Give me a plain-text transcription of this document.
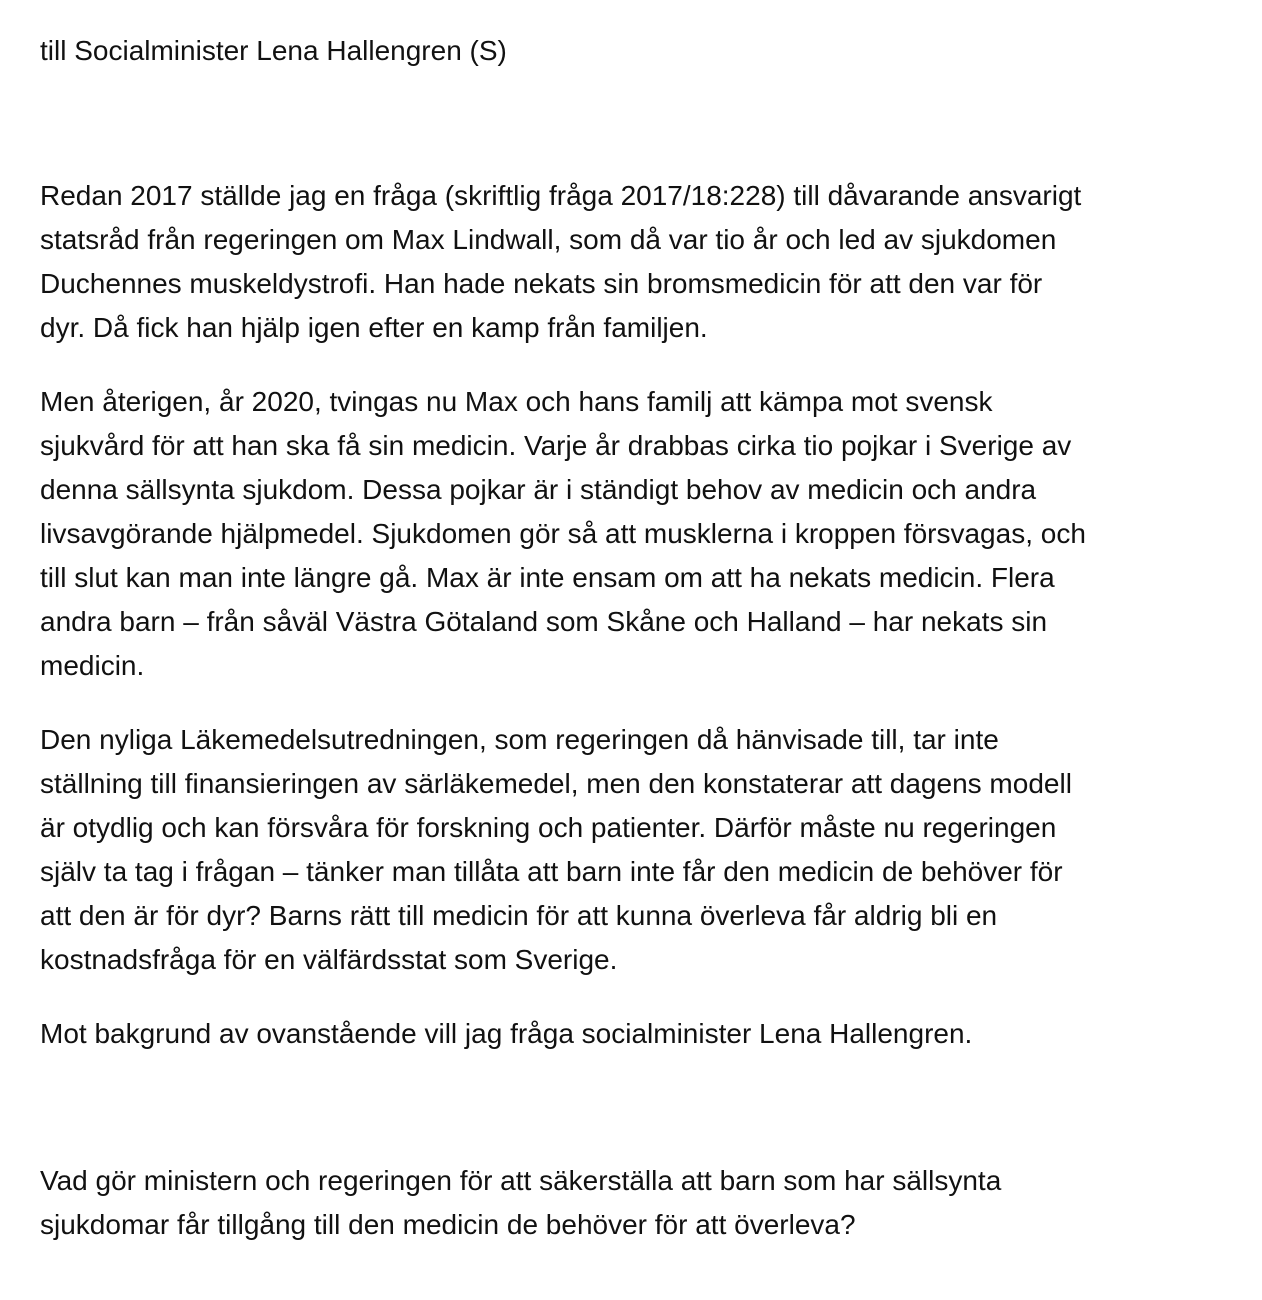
till Socialminister Lena Hallengren (S)

Redan 2017 ställde jag en fråga (skriftlig fråga 2017/18:228) till dåvarande ansvarigt
statsråd från regeringen om Max Lindwall, som då var tio år och led av sjukdomen
Duchennes muskeldystrofi. Han hade nekats sin bromsmedicin för att den var för
dyr. Då fick han hjälp igen efter en kamp från familjen.

Men återigen, år 2020, tvingas nu Max och hans familj att kämpa mot svensk
sjukvård för att han ska få sin medicin. Varje år drabbas cirka tio pojkar i Sverige av
denna sällsynta sjukdom. Dessa pojkar är i ständigt behov av medicin och andra
livsavgörande hjälpmedel. Sjukdomen gör så att musklerna i kroppen försvagas, och
till slut kan man inte längre gå. Max är inte ensam om att ha nekats medicin. Flera
andra barn – från såväl Västra Götaland som Skåne och Halland – har nekats sin
medicin.

Den nyliga Läkemedelsutredningen, som regeringen då hänvisade till, tar inte
ställning till finansieringen av särläkemedel, men den konstaterar att dagens modell
är otydlig och kan försvåra för forskning och patienter. Därför måste nu regeringen
själv ta tag i frågan – tänker man tillåta att barn inte får den medicin de behöver för
att den är för dyr? Barns rätt till medicin för att kunna överleva får aldrig bli en
kostnadsfråga för en välfärdsstat som Sverige.

Mot bakgrund av ovanstående vill jag fråga socialminister Lena Hallengren.

Vad gör ministern och regeringen för att säkerställa att barn som har sällsynta
sjukdomar får tillgång till den medicin de behöver för att överleva?
